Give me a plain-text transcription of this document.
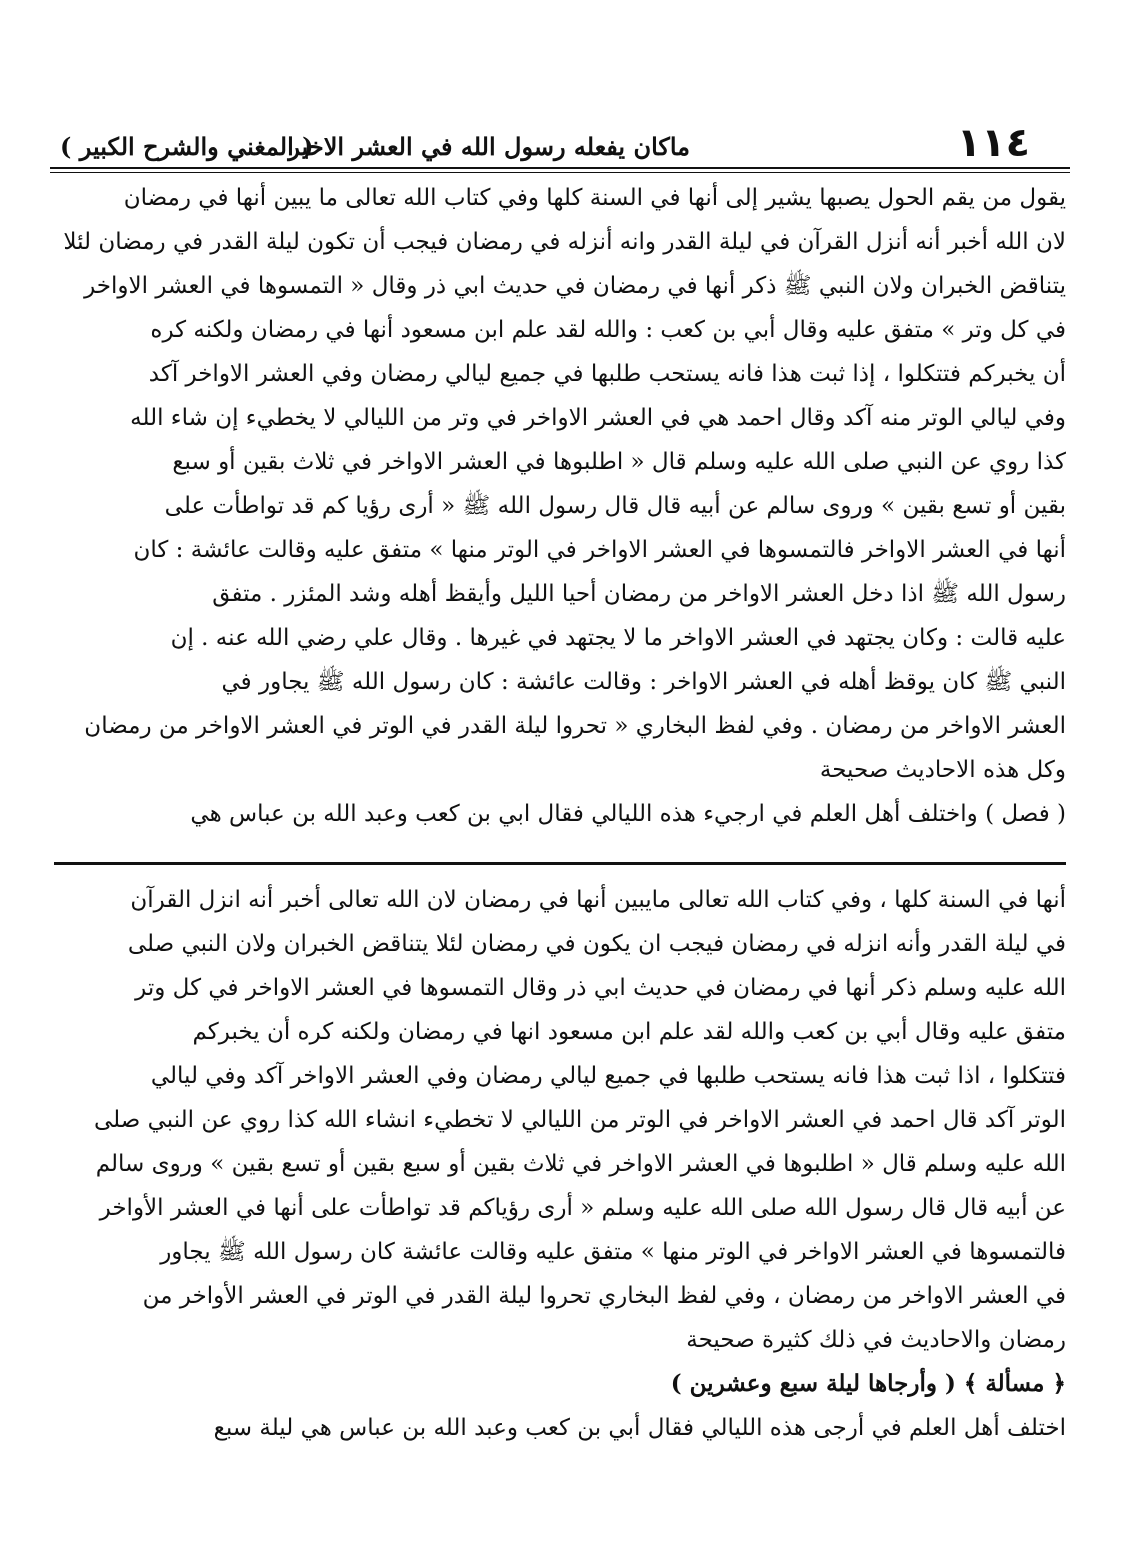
١١٤
ماكان يفعله رسول الله في العشر الاخير
( المغني والشرح الكبير )
يقول من يقم الحول يصبها يشير إلى أنها في السنة كلها وفي كتاب الله تعالى ما يبين أنها في رمضان
لان الله أخبر أنه أنزل القرآن في ليلة القدر وانه أنزله في رمضان فيجب أن تكون ليلة القدر في رمضان لئلا
يتناقض الخبران ولان النبي ﷺ ذكر أنها في رمضان في حديث ابي ذر وقال « التمسوها في العشر الاواخر
في كل وتر » متفق عليه وقال أبي بن كعب : والله لقد علم ابن مسعود أنها في رمضان ولكنه كره
أن يخبركم فتتكلوا ، إذا ثبت هذا فانه يستحب طلبها في جميع ليالي رمضان وفي العشر الاواخر آكد
وفي ليالي الوتر منه آكد وقال احمد هي في العشر الاواخر في وتر من الليالي لا يخطيء إن شاء الله
كذا روي عن النبي صلى الله عليه وسلم قال « اطلبوها في العشر الاواخر في ثلاث بقين أو سبع
بقين أو تسع بقين » وروى سالم عن أبيه قال قال رسول الله ﷺ « أرى رؤيا كم قد تواطأت على
أنها في العشر الاواخر فالتمسوها في العشر الاواخر في الوتر منها » متفق عليه وقالت عائشة : كان
رسول الله ﷺ اذا دخل العشر الاواخر من رمضان أحيا الليل وأيقظ أهله وشد المئزر . متفق
عليه قالت : وكان يجتهد في العشر الاواخر ما لا يجتهد في غيرها . وقال علي رضي الله عنه . إن
النبي ﷺ كان يوقظ أهله في العشر الاواخر : وقالت عائشة : كان رسول الله ﷺ يجاور في
العشر الاواخر من رمضان . وفي لفظ البخاري « تحروا ليلة القدر في الوتر في العشر الاواخر من رمضان
وكل هذه الاحاديث صحيحة
( فصل ) واختلف أهل العلم في ارجيء هذه الليالي فقال ابي بن كعب وعبد الله بن عباس هي
أنها في السنة كلها ، وفي كتاب الله تعالى مايبين أنها في رمضان لان الله تعالى أخبر أنه انزل القرآن
في ليلة القدر وأنه انزله في رمضان فيجب ان يكون في رمضان لئلا يتناقض الخبران ولان النبي صلى
الله عليه وسلم ذكر أنها في رمضان في حديث ابي ذر وقال التمسوها في العشر الاواخر في كل وتر
متفق عليه وقال أبي بن كعب والله لقد علم ابن مسعود انها في رمضان ولكنه كره أن يخبركم
فتتكلوا ، اذا ثبت هذا فانه يستحب طلبها في جميع ليالي رمضان وفي العشر الاواخر آكد وفي ليالي
الوتر آكد قال احمد في العشر الاواخر في الوتر من الليالي لا تخطيء انشاء الله كذا روي عن النبي صلى
الله عليه وسلم قال « اطلبوها في العشر الاواخر في ثلاث بقين أو سبع بقين أو تسع بقين » وروى سالم
عن أبيه قال قال رسول الله صلى الله عليه وسلم « أرى رؤياكم قد تواطأت على أنها في العشر الأواخر
فالتمسوها في العشر الاواخر في الوتر منها » متفق عليه وقالت عائشة كان رسول الله ﷺ يجاور
في العشر الاواخر من رمضان ، وفي لفظ البخاري تحروا ليلة القدر في الوتر في العشر الأواخر من
رمضان والاحاديث في ذلك كثيرة صحيحة
﴿ مسألة ﴾ ( وأرجاها ليلة سبع وعشرين )
اختلف أهل العلم في أرجى هذه الليالي فقال أبي بن كعب وعبد الله بن عباس هي ليلة سبع
